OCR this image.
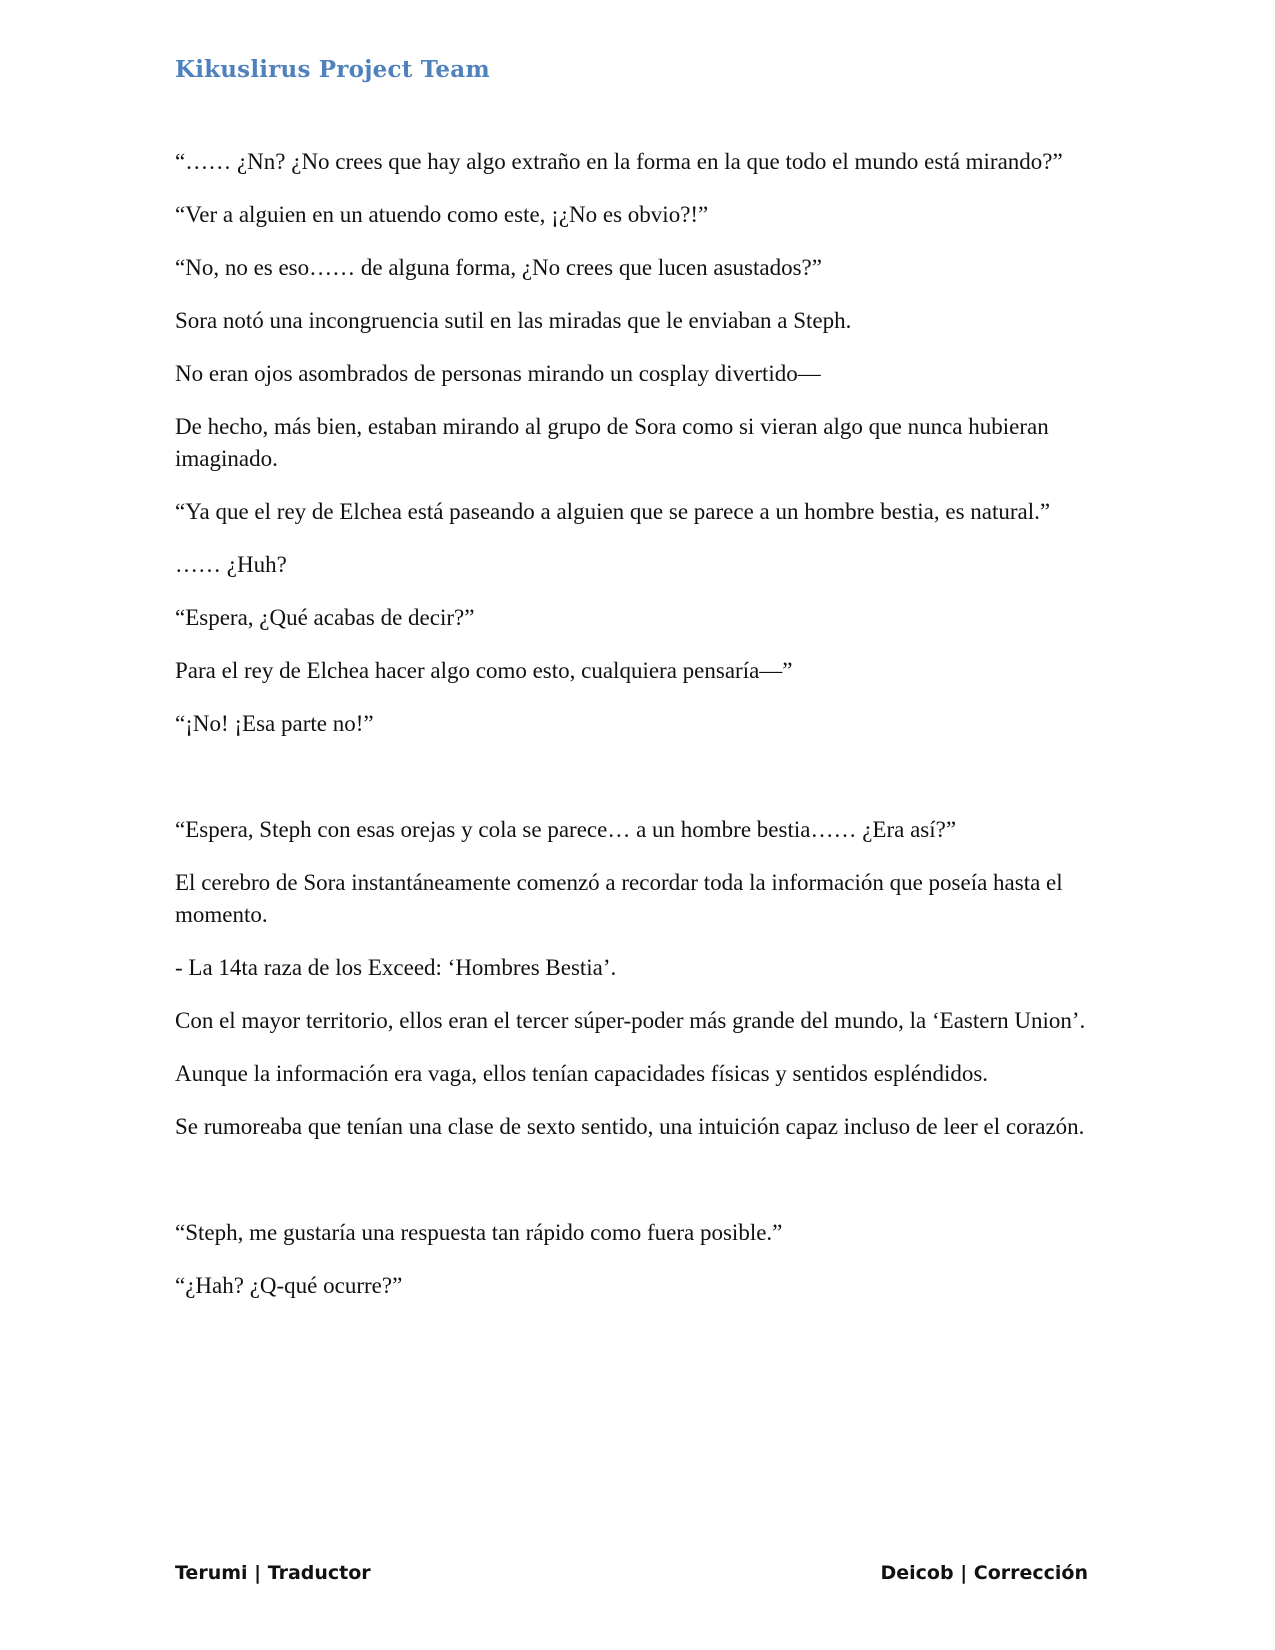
Kikuslirus Project Team

“…… ¿Nn? ¿No crees que hay algo extraño en la forma en la que todo el mundo está mirando?”

“Ver a alguien en un atuendo como este, ¡¿No es obvio?!”

“No, no es eso…… de alguna forma, ¿No crees que lucen asustados?”

Sora notó una incongruencia sutil en las miradas que le enviaban a Steph.

No eran ojos asombrados de personas mirando un cosplay divertido—

De hecho, más bien, estaban mirando al grupo de Sora como si vieran algo que nunca hubieran imaginado.

“Ya que el rey de Elchea está paseando a alguien que se parece a un hombre bestia, es natural.”

…… ¿Huh?

“Espera, ¿Qué acabas de decir?”

Para el rey de Elchea hacer algo como esto, cualquiera pensaría—”

“¡No! ¡Esa parte no!”

“Espera, Steph con esas orejas y cola se parece… a un hombre bestia…… ¿Era así?”

El cerebro de Sora instantáneamente comenzó a recordar toda la información que poseía hasta el momento.

- La 14ta raza de los Exceed: ‘Hombres Bestia’.

Con el mayor territorio, ellos eran el tercer súper-poder más grande del mundo, la ‘Eastern Union’.

Aunque la información era vaga, ellos tenían capacidades físicas y sentidos espléndidos.

Se rumoreaba que tenían una clase de sexto sentido, una intuición capaz incluso de leer el corazón.

“Steph, me gustaría una respuesta tan rápido como fuera posible.”

“¿Hah? ¿Q-qué ocurre?”

Terumi | Traductor	Deicob | Corrección
